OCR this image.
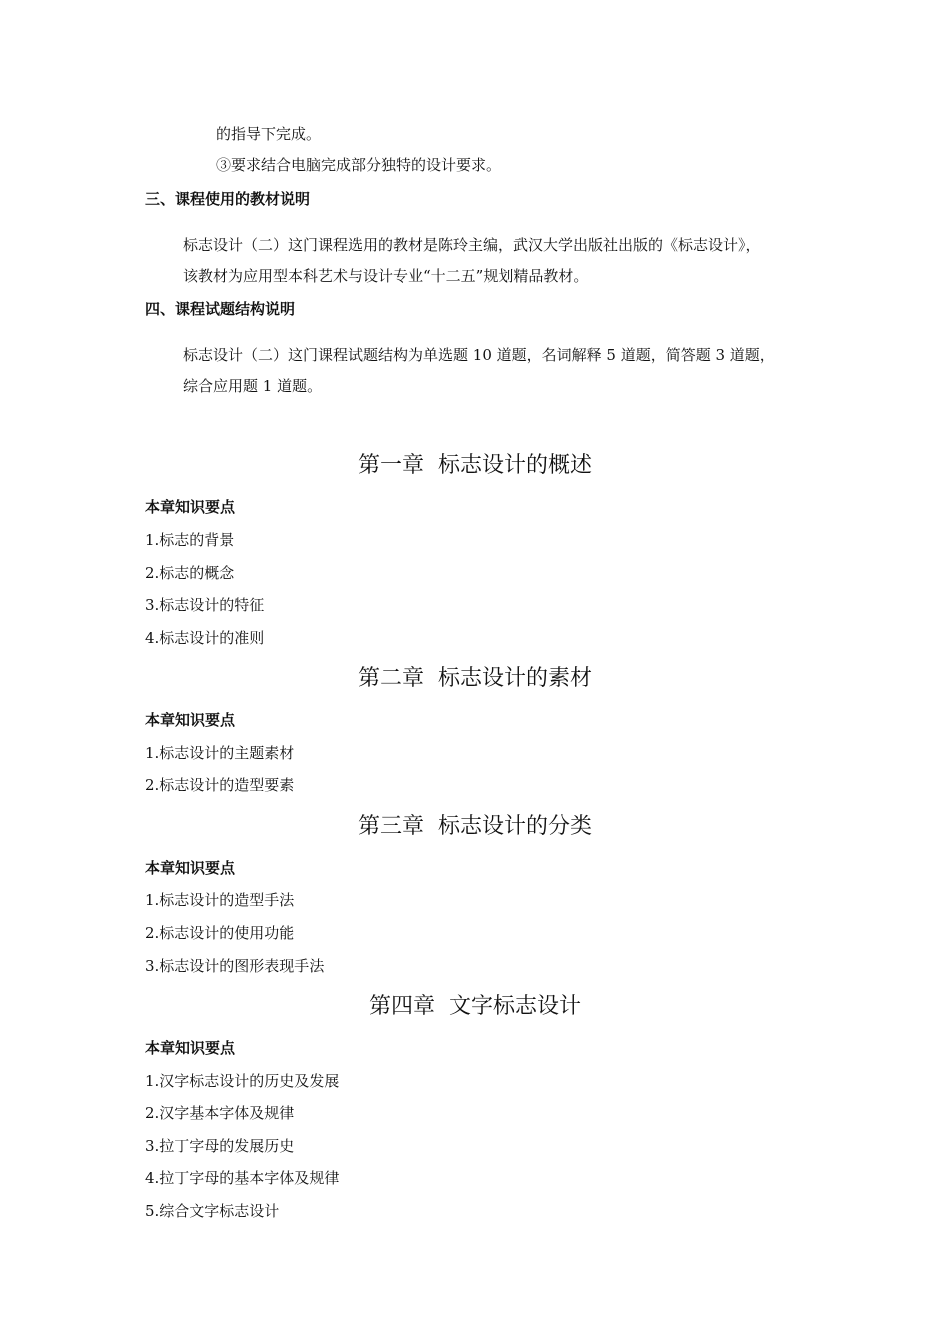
的指导下完成。
③要求结合电脑完成部分独特的设计要求。
三、课程使用的教材说明
标志设计（二）这门课程选用的教材是陈玲主编，武汉大学出版社出版的《标志设计》，
该教材为应用型本科艺术与设计专业“十二五”规划精品教材。
四、课程试题结构说明
标志设计（二）这门课程试题结构为单选题 10 道题，名词解释 5 道题，简答题 3 道题，
综合应用题 1 道题。
第一章  标志设计的概述
本章知识要点
1.标志的背景
2.标志的概念
3.标志设计的特征
4.标志设计的准则
第二章  标志设计的素材
本章知识要点
1.标志设计的主题素材
2.标志设计的造型要素
第三章  标志设计的分类
本章知识要点
1.标志设计的造型手法
2.标志设计的使用功能
3.标志设计的图形表现手法
第四章  文字标志设计
本章知识要点
1.汉字标志设计的历史及发展
2.汉字基本字体及规律
3.拉丁字母的发展历史
4.拉丁字母的基本字体及规律
5.综合文字标志设计
